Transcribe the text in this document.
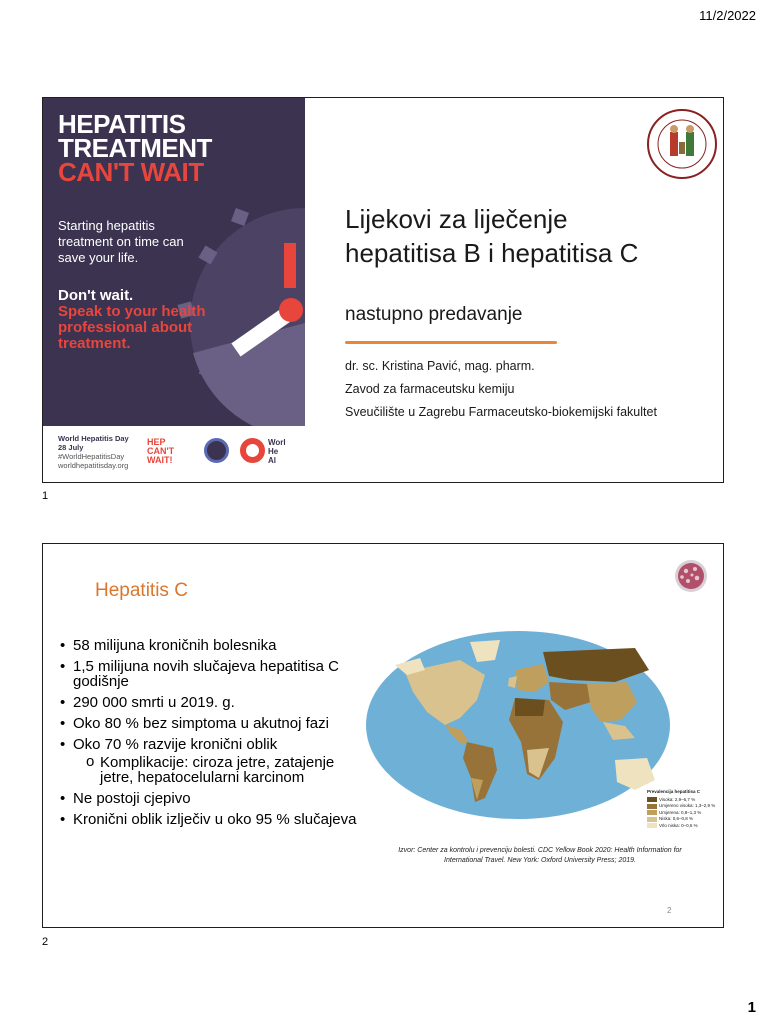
11/2/2022
HEPATITIS
TREATMENT
CAN'T WAIT
Starting hepatitis treatment on time can save your life.
Don't wait.
Speak to your health professional about treatment.
World Hepatitis Day
28 July
#WorldHepatitisDay
worldhepatitisday.org
HEP
CAN'T
WAIT!
Worl
He
Al
Lijekovi za liječenje
hepatitisa B i hepatitisa C
nastupno predavanje
dr. sc. Kristina Pavić, mag. pharm.
Zavod za farmaceutsku kemiju
Sveučilište u Zagrebu Farmaceutsko-biokemijski fakultet
1
Hepatitis C
• 58 milijuna kroničnih bolesnika
• 1,5 milijuna novih slučajeva hepatitisa C godišnje
• 290 000 smrti u 2019. g.
• Oko 80 % bez simptoma u akutnoj fazi
• Oko 70 % razvije kronični oblik
o Komplikacije: ciroza jetre, zatajenje jetre, hepatocelularni karcinom
• Ne postoji cjepivo
• Kronični oblik izlječiv u oko 95 % slučajeva
Prevalencija hepatitisa C
Visoka: 2,9–6,7 %
Umjereno visoka: 1,3–2,9 %
Umjerena: 0,8–1,3 %
Niska: 0,6–0,8 %
Vrlo niska: 0–0,6 %
Izvor: Center za kontrolu i prevenciju bolesti. CDC Yellow Book 2020: Health Information for International Travel. New York: Oxford University Press; 2019.
2
2
1
